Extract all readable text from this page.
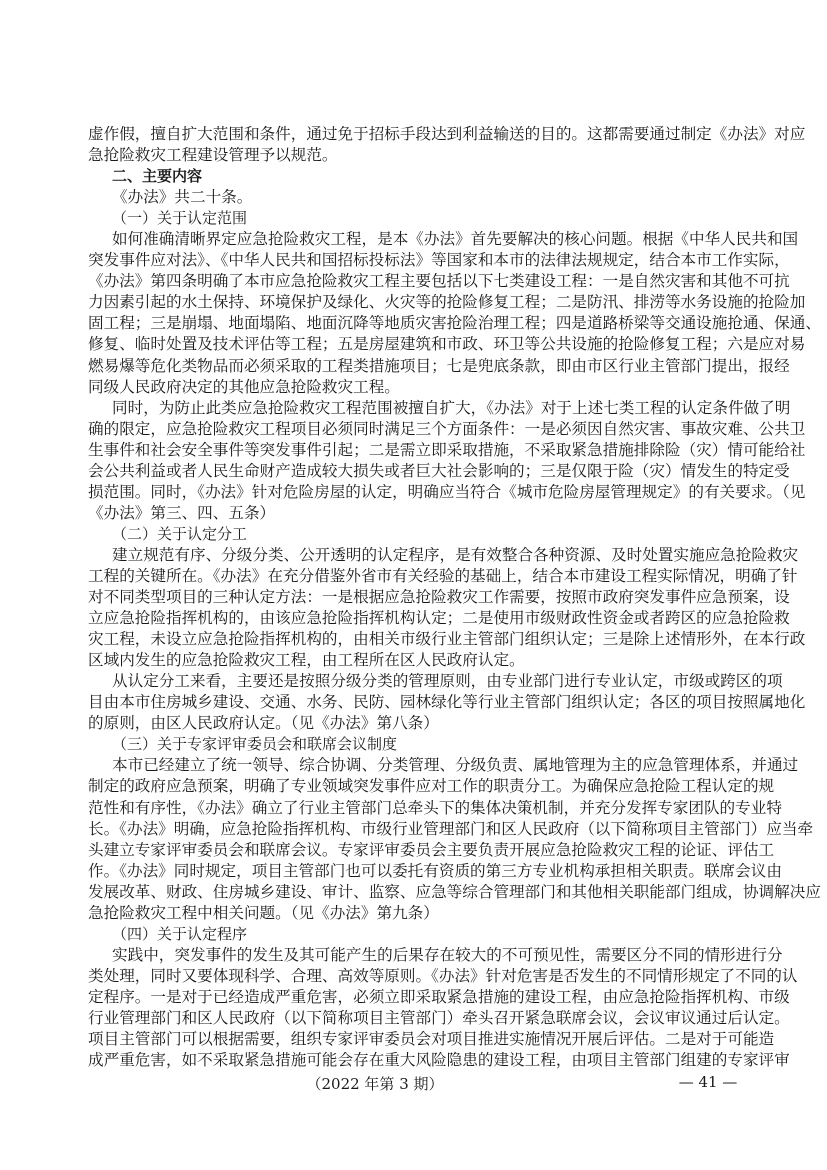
虚作假，擅自扩大范围和条件，通过免于招标手段达到利益输送的目的。这都需要通过制定《办法》对应
急抢险救灾工程建设管理予以规范。
二、主要内容
《办法》共二十条。
（一）关于认定范围
如何准确清晰界定应急抢险救灾工程，是本《办法》首先要解决的核心问题。根据《中华人民共和国
突发事件应对法》、《中华人民共和国招标投标法》等国家和本市的法律法规规定，结合本市工作实际，
《办法》第四条明确了本市应急抢险救灾工程主要包括以下七类建设工程：一是自然灾害和其他不可抗
力因素引起的水土保持、环境保护及绿化、火灾等的抢险修复工程；二是防汛、排涝等水务设施的抢险加
固工程；三是崩塌、地面塌陷、地面沉降等地质灾害抢险治理工程；四是道路桥梁等交通设施抢通、保通、
修复、临时处置及技术评估等工程；五是房屋建筑和市政、环卫等公共设施的抢险修复工程；六是应对易
燃易爆等危化类物品而必须采取的工程类措施项目；七是兜底条款，即由市区行业主管部门提出，报经
同级人民政府决定的其他应急抢险救灾工程。
同时，为防止此类应急抢险救灾工程范围被擅自扩大，《办法》对于上述七类工程的认定条件做了明
确的限定，应急抢险救灾工程项目必须同时满足三个方面条件：一是必须因自然灾害、事故灾难、公共卫
生事件和社会安全事件等突发事件引起；二是需立即采取措施，不采取紧急措施排除险（灾）情可能给社
会公共利益或者人民生命财产造成较大损失或者巨大社会影响的；三是仅限于险（灾）情发生的特定受
损范围。同时，《办法》针对危险房屋的认定，明确应当符合《城市危险房屋管理规定》的有关要求。（见
《办法》第三、四、五条）
（二）关于认定分工
建立规范有序、分级分类、公开透明的认定程序，是有效整合各种资源、及时处置实施应急抢险救灾
工程的关键所在。《办法》在充分借鉴外省市有关经验的基础上，结合本市建设工程实际情况，明确了针
对不同类型项目的三种认定方法：一是根据应急抢险救灾工作需要，按照市政府突发事件应急预案，设
立应急抢险指挥机构的，由该应急抢险指挥机构认定；二是使用市级财政性资金或者跨区的应急抢险救
灾工程，未设立应急抢险指挥机构的，由相关市级行业主管部门组织认定；三是除上述情形外，在本行政
区域内发生的应急抢险救灾工程，由工程所在区人民政府认定。
从认定分工来看，主要还是按照分级分类的管理原则，由专业部门进行专业认定，市级或跨区的项
目由本市住房城乡建设、交通、水务、民防、园林绿化等行业主管部门组织认定；各区的项目按照属地化
的原则，由区人民政府认定。（见《办法》第八条）
（三）关于专家评审委员会和联席会议制度
本市已经建立了统一领导、综合协调、分类管理、分级负责、属地管理为主的应急管理体系，并通过
制定的政府应急预案，明确了专业领域突发事件应对工作的职责分工。为确保应急抢险工程认定的规
范性和有序性，《办法》确立了行业主管部门总牵头下的集体决策机制，并充分发挥专家团队的专业特
长。《办法》明确，应急抢险指挥机构、市级行业管理部门和区人民政府（以下简称项目主管部门）应当牵
头建立专家评审委员会和联席会议。专家评审委员会主要负责开展应急抢险救灾工程的论证、评估工
作。《办法》同时规定，项目主管部门也可以委托有资质的第三方专业机构承担相关职责。联席会议由
发展改革、财政、住房城乡建设、审计、监察、应急等综合管理部门和其他相关职能部门组成，协调解决应
急抢险救灾工程中相关问题。（见《办法》第九条）
（四）关于认定程序
实践中，突发事件的发生及其可能产生的后果存在较大的不可预见性，需要区分不同的情形进行分
类处理，同时又要体现科学、合理、高效等原则。《办法》针对危害是否发生的不同情形规定了不同的认
定程序。一是对于已经造成严重危害，必须立即采取紧急措施的建设工程，由应急抢险指挥机构、市级
行业管理部门和区人民政府（以下简称项目主管部门）牵头召开紧急联席会议，会议审议通过后认定。
项目主管部门可以根据需要，组织专家评审委员会对项目推进实施情况开展后评估。二是对于可能造
成严重危害，如不采取紧急措施可能会存在重大风险隐患的建设工程，由项目主管部门组建的专家评审
（2022 年第 3 期）	— 41 —
